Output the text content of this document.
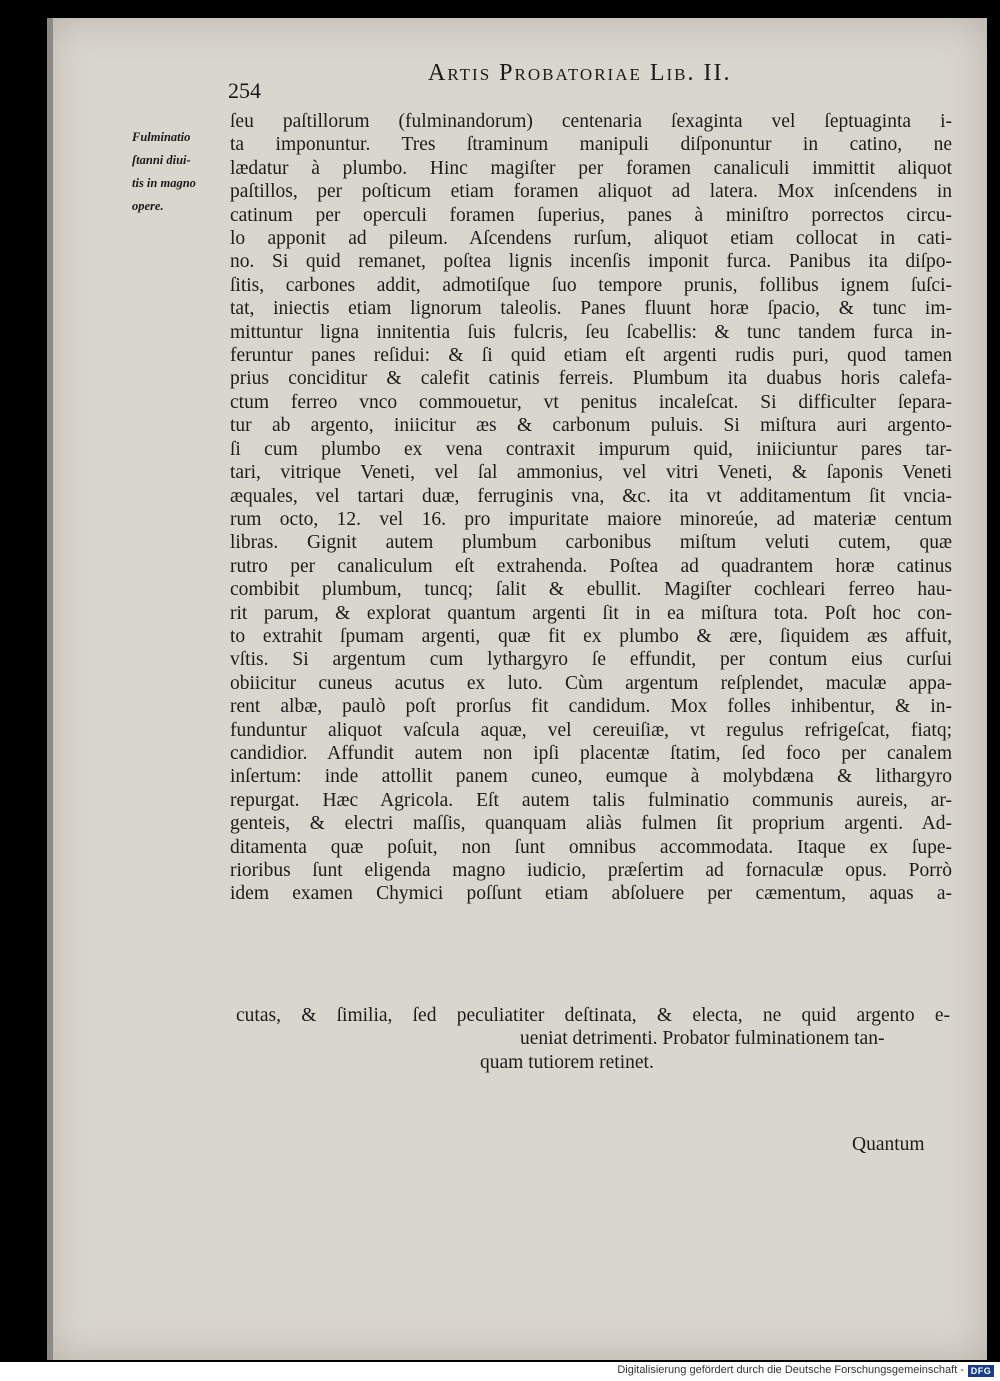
254

Artis Probatoriae Lib. II.

Fulminatio
ſtanni diui-
tis in magno
opere.
ſeu paſtillorum (fulminandorum) centenaria ſexaginta vel ſeptuaginta i-
ta imponuntur. Tres ſtraminum manipuli diſponuntur in catino, ne
lædatur à plumbo. Hinc magiſter per foramen canaliculi immittit aliquot
paſtillos, per poſticum etiam foramen aliquot ad latera. Mox inſcendens in
catinum per operculi foramen ſuperius, panes à miniſtro porrectos circu-
lo apponit ad pileum. Aſcendens rurſum, aliquot etiam collocat in cati-
no. Si quid remanet, poſtea lignis incenſis imponit furca. Panibus ita diſpo-
ſitis, carbones addit, admotiſque ſuo tempore prunis, follibus ignem ſuſci-
tat, iniectis etiam lignorum taleolis. Panes fluunt horæ ſpacio, & tunc im-
mittuntur ligna innitentia ſuis fulcris, ſeu ſcabellis: & tunc tandem furca in-
feruntur panes reſidui: & ſi quid etiam eſt argenti rudis puri, quod tamen
prius conciditur & calefit catinis ferreis. Plumbum ita duabus horis calefa-
ctum ferreo vnco commouetur, vt penitus incaleſcat. Si difficulter ſepara-
tur ab argento, iniicitur æs & carbonum puluis. Si miſtura auri argento-
ſi cum plumbo ex vena contraxit impurum quid, iniiciuntur pares tar-
tari, vitrique Veneti, vel ſal ammonius, vel vitri Veneti, & ſaponis Veneti
æquales, vel tartari duæ, ferruginis vna, &c. ita vt additamentum ſit vncia-
rum octo, 12. vel 16. pro impuritate maiore minoreúe, ad materiæ centum
libras. Gignit autem plumbum carbonibus miſtum veluti cutem, quæ
rutro per canaliculum eſt extrahenda. Poſtea ad quadrantem horæ catinus
combibit plumbum, tuncq; ſalit & ebullit. Magiſter cochleari ferreo hau-
rit parum, & explorat quantum argenti ſit in ea miſtura tota. Poſt hoc con-
to extrahit ſpumam argenti, quæ fit ex plumbo & ære, ſiquidem æs affuit,
vſtis. Si argentum cum lythargyro ſe effundit, per contum eius curſui
obiicitur cuneus acutus ex luto. Cùm argentum reſplendet, maculæ appa-
rent albæ, paulò poſt prorſus fit candidum. Mox folles inhibentur, & in-
funduntur aliquot vaſcula aquæ, vel cereuiſiæ, vt regulus refrigeſcat, fiatq;
candidior. Affundit autem non ipſi placentæ ſtatim, ſed foco per canalem
inſertum: inde attollit panem cuneo, eumque à molybdæna & lithargyro
repurgat. Hæc Agricola. Eſt autem talis fulminatio communis aureis, ar-
genteis, & electri maſſis, quanquam aliàs fulmen ſit proprium argenti. Ad-
ditamenta quæ poſuit, non ſunt omnibus accommodata. Itaque ex ſupe-
rioribus ſunt eligenda magno iudicio, præſertim ad fornaculæ opus. Porrò
idem examen Chymici poſſunt etiam abſoluere per cæmentum, aquas a-
cutas, & ſimilia, ſed peculiatiter deſtinata, & electa, ne quid argento e-
ueniat detrimenti. Probator fulminationem tan-
quam tutiorem retinet.

Quantum

Digitalisierung gefördert durch die Deutsche Forschungsgemeinschaft - DFG
